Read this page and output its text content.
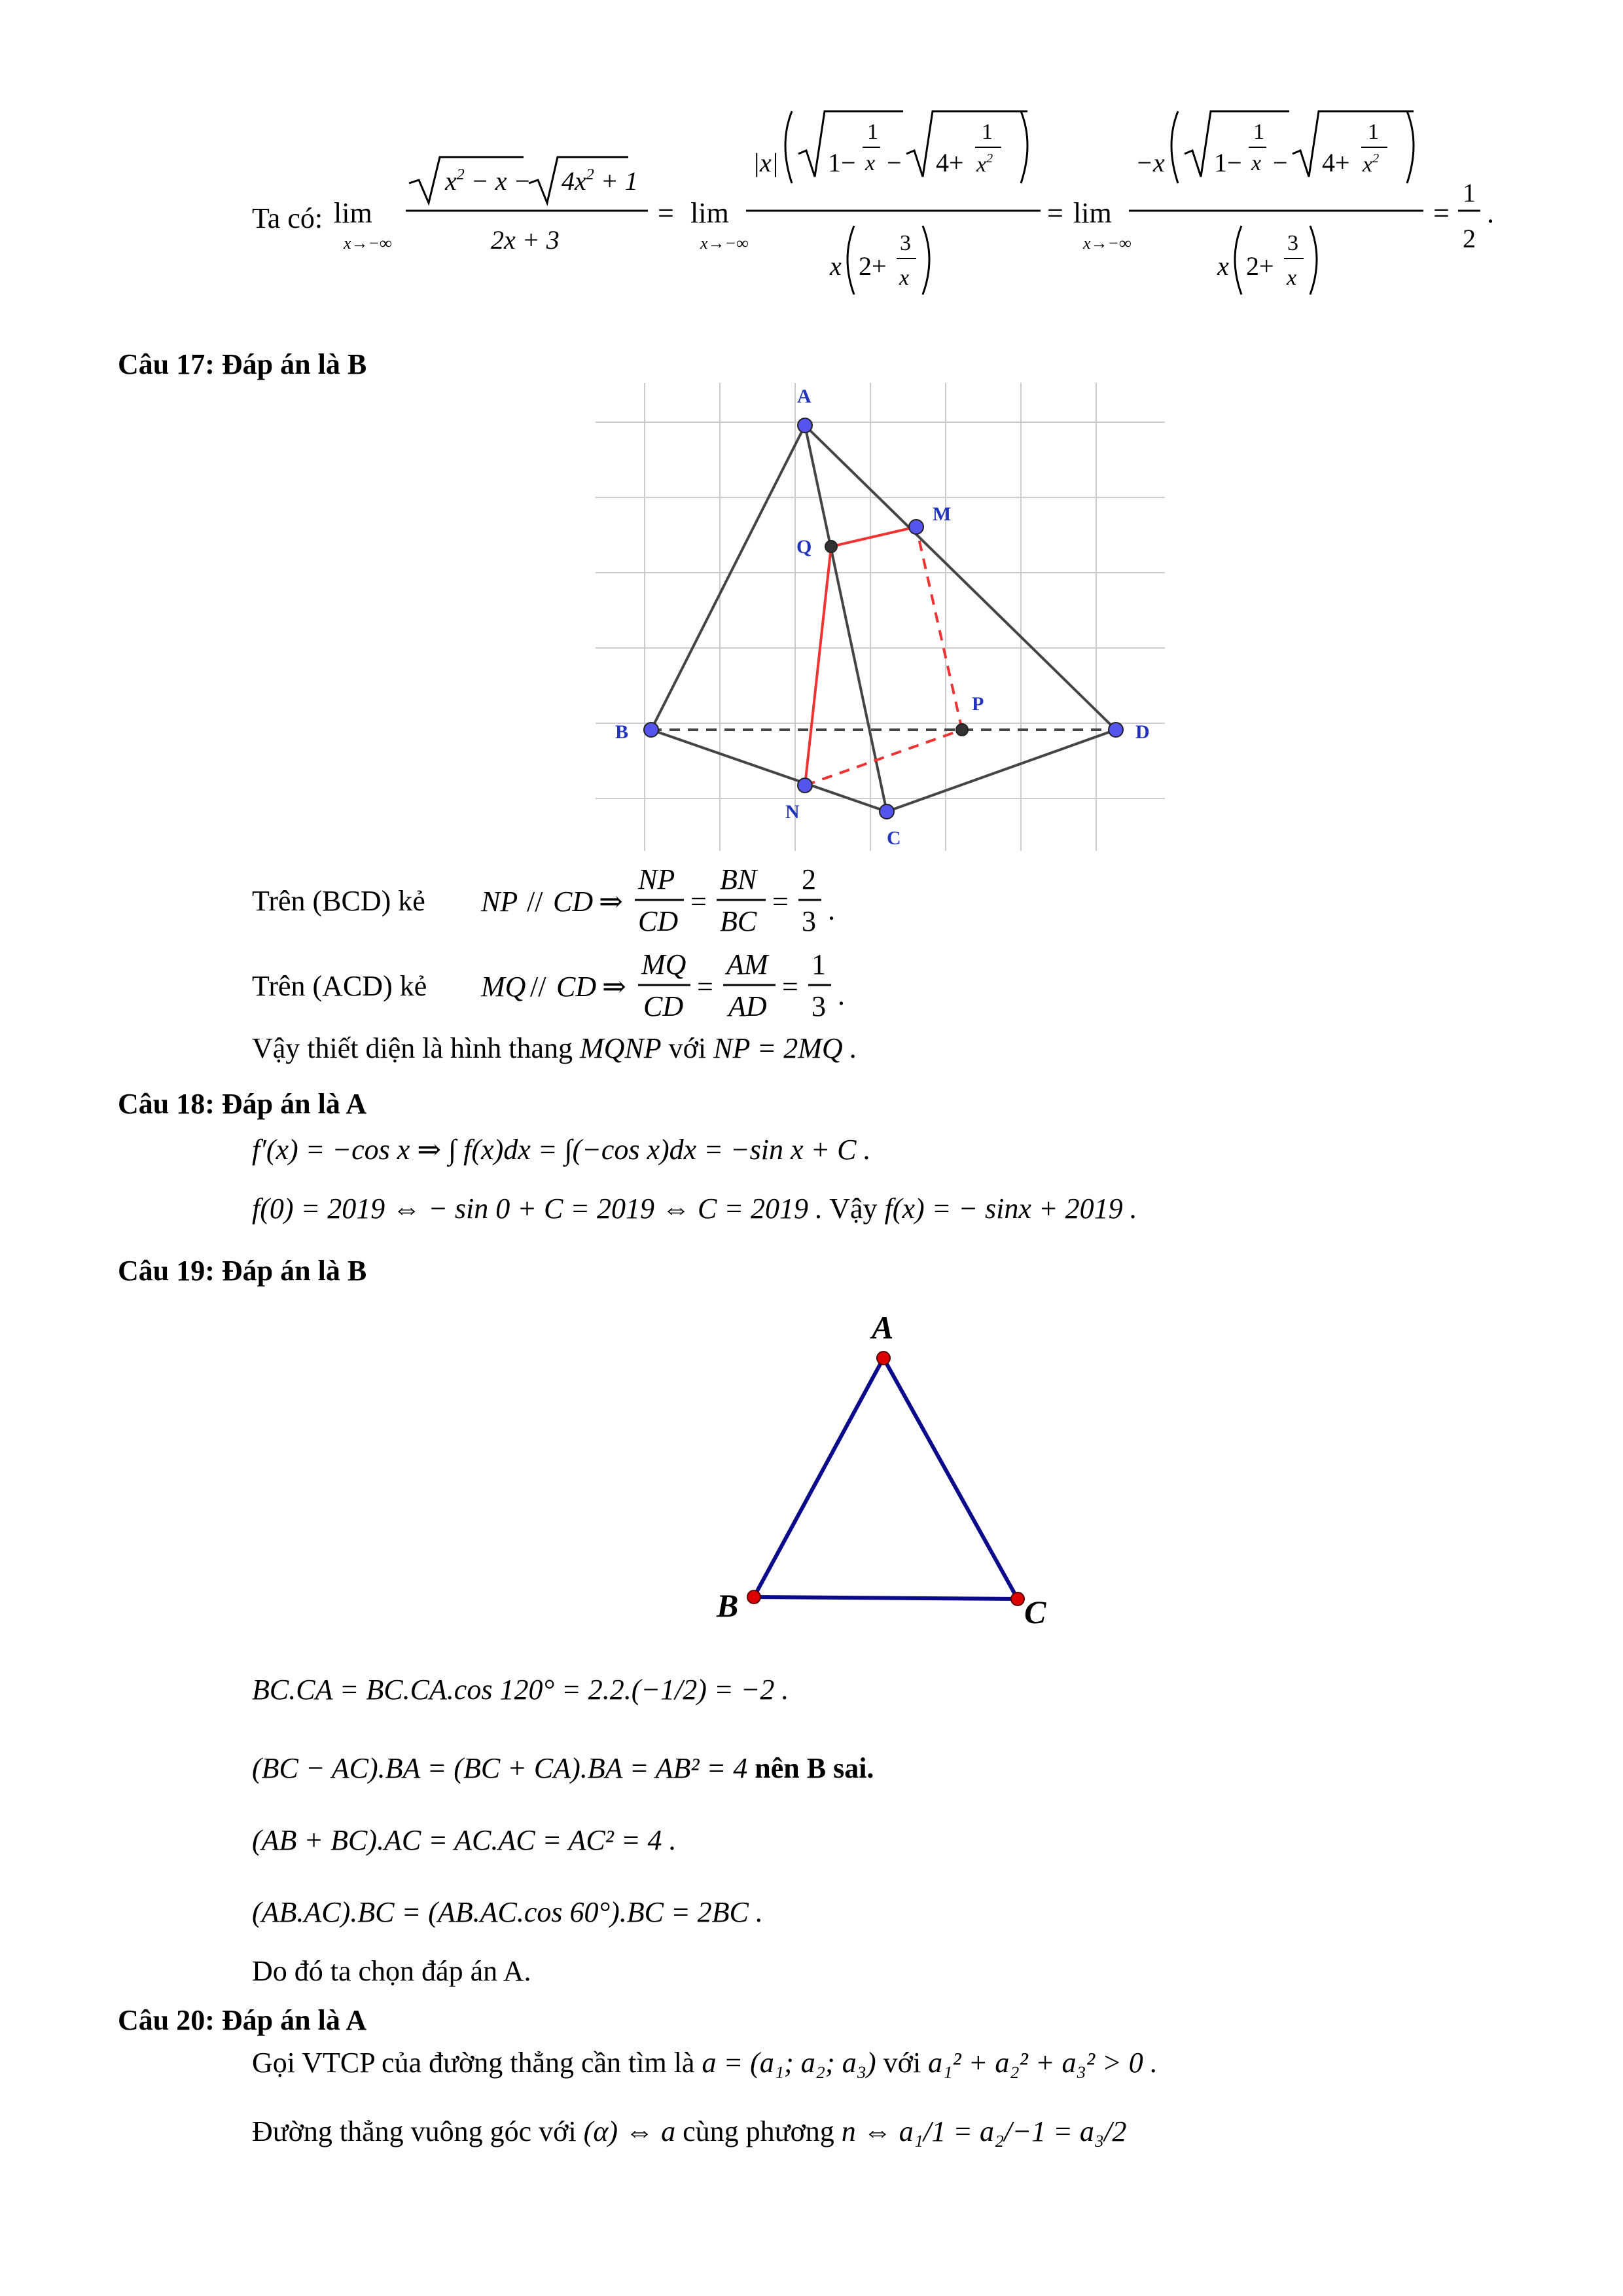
Ta có: lim
x→−∞
$x^2 - x - 4x^2 + 1$
2x + 3
= lim
x→−∞
|x| 1−
1
x − 4+
1
$x^2$
x 2+
3
x
= lim
x→−∞
−x 1−
1
x − 4+
1
$x^2$
x 2+
3
x
=
1
2
.
Câu 17: Đáp án là B
A
B
C
D
M
N
P
Q
Trên (BCD) kẻ NP // CD ⇒
NP
CD
=
BN
BC
=
2
3 .
Trên (ACD) kẻ MQ // CD ⇒
MQ
CD
=
AM
AD
=
1
3 .
Vậy thiết diện là hình thang MQNP với NP = 2MQ .
Câu 18: Đáp án là A
f′(x) = −cos x ⇒ ∫ f(x)dx = ∫(−cos x)dx = −sin x + C .
f(0) = 2019 ⇔ − sin 0 + C = 2019 ⇔ C = 2019 . Vậy f(x) = − sinx + 2019 .
Câu 19: Đáp án là B
A
B	C
BC.CA = BC.CA.cos 120° = 2.2.(−1/2) = −2 .
(BC − AC).BA = (BC + CA).BA = AB² = 4 nên B sai.
(AB + BC).AC = AC.AC = AC² = 4 .
(AB.AC).BC = (AB.AC.cos 60°).BC = 2BC .
Do đó ta chọn đáp án A.
Câu 20: Đáp án là A
Gọi VTCP của đường thẳng cần tìm là a = (a₁; a₂; a₃) với a₁² + a₂² + a₃² > 0 .
Đường thẳng vuông góc với (α) ⇔ a cùng phương n ⇔ a₁/1 = a₂/−1 = a₃/2
